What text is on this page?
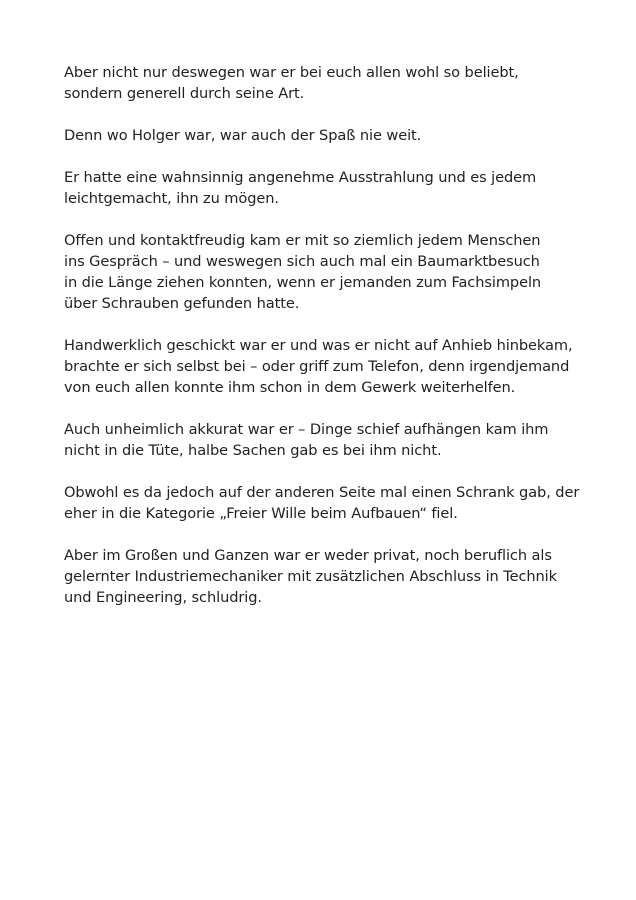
Aber nicht nur deswegen war er bei euch allen wohl so beliebt,
sondern generell durch seine Art.

Denn wo Holger war, war auch der Spaß nie weit.

Er hatte eine wahnsinnig angenehme Ausstrahlung und es jedem
leichtgemacht, ihn zu mögen.

Offen und kontaktfreudig kam er mit so ziemlich jedem Menschen
ins Gespräch – und weswegen sich auch mal ein Baumarktbesuch
in die Länge ziehen konnten, wenn er jemanden zum Fachsimpeln
über Schrauben gefunden hatte.

Handwerklich geschickt war er und was er nicht auf Anhieb hinbekam,
brachte er sich selbst bei – oder griff zum Telefon, denn irgendjemand
von euch allen konnte ihm schon in dem Gewerk weiterhelfen.

Auch unheimlich akkurat war er – Dinge schief aufhängen kam ihm
nicht in die Tüte, halbe Sachen gab es bei ihm nicht.

Obwohl es da jedoch auf der anderen Seite mal einen Schrank gab, der
eher in die Kategorie „Freier Wille beim Aufbauen“ fiel.

Aber im Großen und Ganzen war er weder privat, noch beruflich als
gelernter Industriemechaniker mit zusätzlichen Abschluss in Technik
und Engineering, schludrig.
